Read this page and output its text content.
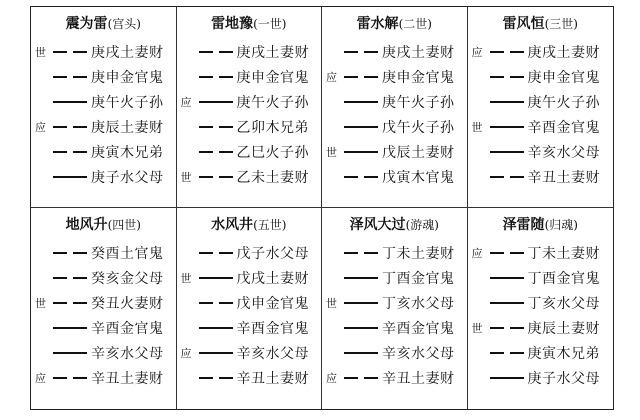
震为雷(宫头)
世	庚戌土妻财
庚申金官鬼
庚午火子孙
应	庚辰土妻财
庚寅木兄弟
庚子水父母
雷地豫(一世)
庚戌土妻财
庚申金官鬼
应	庚午火子孙
乙卯木兄弟
乙巳火子孙
世	乙未土妻财
雷水解(二世)
庚戌土妻财
应	庚申金官鬼
庚午火子孙
戊午火子孙
世	戊辰土妻财
戊寅木官鬼
雷风恒(三世)
应	庚戌土妻财
庚申金官鬼
庚午火子孙
世	辛酉金官鬼
辛亥水父母
辛丑土妻财
地风升(四世)
癸酉土官鬼
癸亥金父母
世	癸丑火妻财
辛酉金官鬼
辛亥水父母
应	辛丑土妻财
水风井(五世)
戊子水父母
世	戊戌土妻财
戊申金官鬼
辛酉金官鬼
应	辛亥水父母
辛丑土妻财
泽风大过(游魂)
丁未土妻财
丁酉金官鬼
世	丁亥水父母
辛酉金官鬼
辛亥水父母
应	辛丑土妻财
泽雷随(归魂)
应	丁未土妻财
丁酉金官鬼
丁亥水父母
世	庚辰土妻财
庚寅木兄弟
庚子水父母
